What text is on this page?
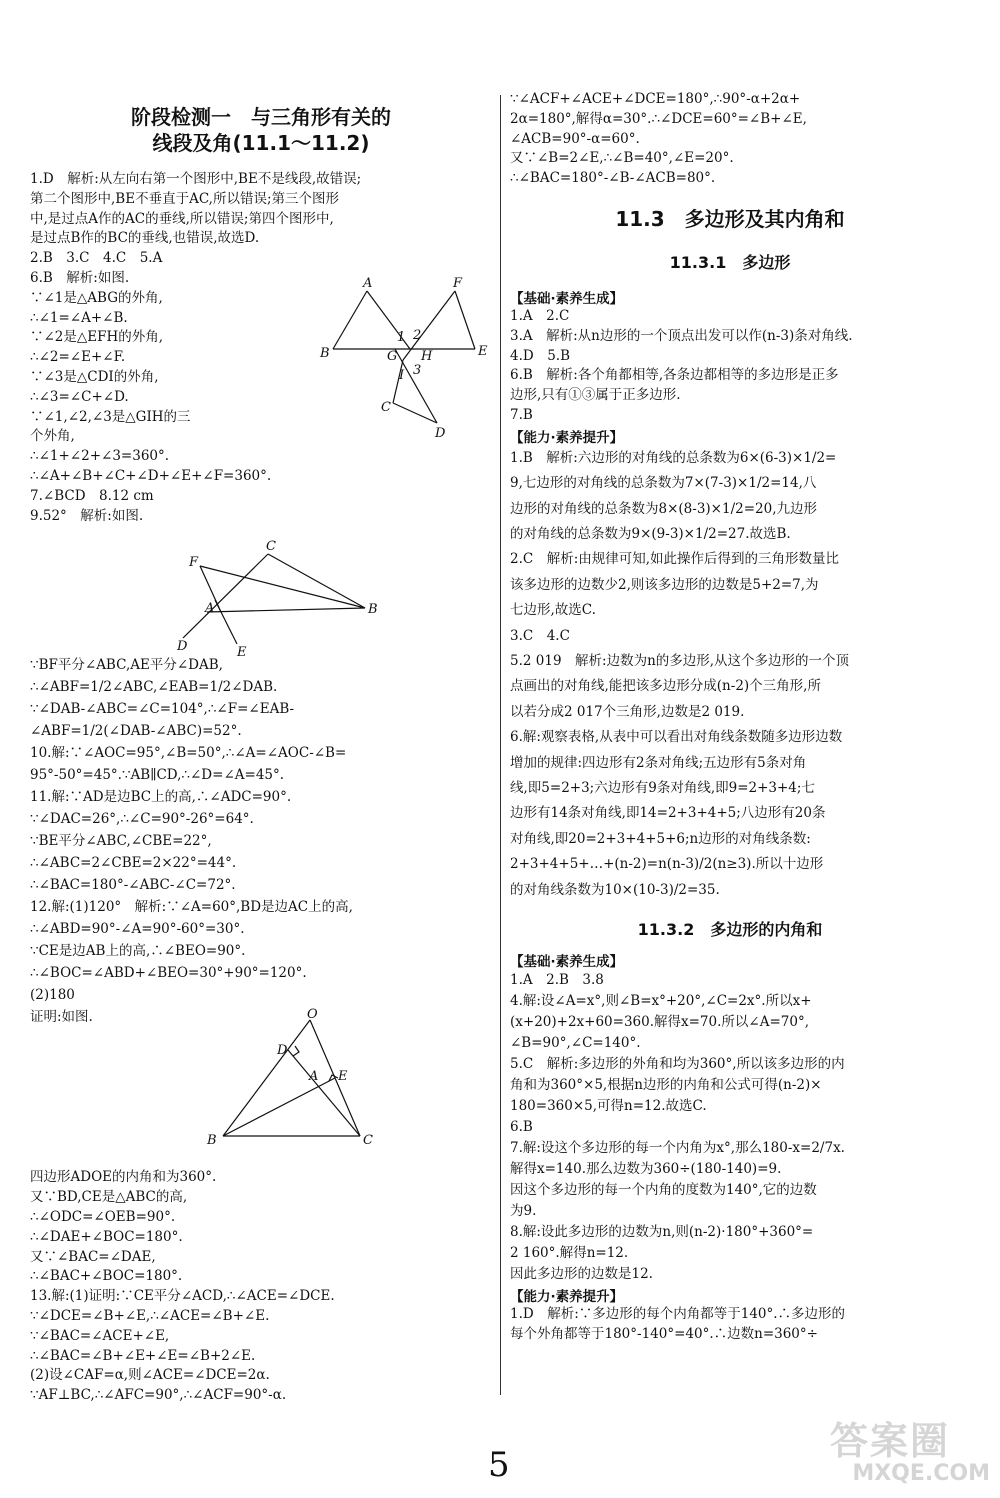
阶段检测一　与三角形有关的
线段及角(11.1～11.2)
1.D　解析:从左向右第一个图形中,BE不是线段,故错误;
第二个图形中,BE不垂直于AC,所以错误;第三个图形
中,是过点A作的AC的垂线,所以错误;第四个图形中,
是过点B作的BC的垂线,也错误,故选D.
2.B　3.C　4.C　5.A
6.B　解析:如图.
∵∠1是△ABG的外角,
∴∠1=∠A+∠B.
∵∠2是△EFH的外角,
∴∠2=∠E+∠F.
∵∠3是△CDI的外角,
∴∠3=∠C+∠D.
∵∠1,∠2,∠3是△GIH的三
个外角,
∴∠1+∠2+∠3=360°.
∴∠A+∠B+∠C+∠D+∠E+∠F=360°.
7.∠BCD　8.12 cm
9.52°　解析:如图.
∵BF平分∠ABC,AE平分∠DAB,
∴∠ABF=1/2∠ABC,∠EAB=1/2∠DAB.
∵∠DAB-∠ABC=∠C=104°,∴∠F=∠EAB-
∠ABF=1/2(∠DAB-∠ABC)=52°.
10.解:∵∠AOC=95°,∠B=50°,∴∠A=∠AOC-∠B=
95°-50°=45°.∵AB∥CD,∴∠D=∠A=45°.
11.解:∵AD是边BC上的高,∴∠ADC=90°.
∵∠DAC=26°,∴∠C=90°-26°=64°.
∵BE平分∠ABC,∠CBE=22°,
∴∠ABC=2∠CBE=2×22°=44°.
∴∠BAC=180°-∠ABC-∠C=72°.
12.解:(1)120°　解析:∵∠A=60°,BD是边AC上的高,
∴∠ABD=90°-∠A=90°-60°=30°.
∵CE是边AB上的高,∴∠BEO=90°.
∴∠BOC=∠ABD+∠BEO=30°+90°=120°.
(2)180
证明:如图.
四边形ADOE的内角和为360°.
又∵BD,CE是△ABC的高,
∴∠ODC=∠OEB=90°.
∴∠DAE+∠BOC=180°.
又∵∠BAC=∠DAE,
∴∠BAC+∠BOC=180°.
13.解:(1)证明:∵CE平分∠ACD,∴∠ACE=∠DCE.
∵∠DCE=∠B+∠E,∴∠ACE=∠B+∠E.
∵∠BAC=∠ACE+∠E,
∴∠BAC=∠B+∠E+∠E=∠B+2∠E.
(2)设∠CAF=α,则∠ACE=∠DCE=2α.
∵AF⊥BC,∴∠AFC=90°,∴∠ACF=90°-α.
A	F
B	G H	E
I
C
D
1 2
3
C
F
A	B
D	E
O
D
A E
B	C
∵∠ACF+∠ACE+∠DCE=180°,∴90°-α+2α+
2α=180°,解得α=30°.∴∠DCE=60°=∠B+∠E,
∠ACB=90°-α=60°.
又∵∠B=2∠E,∴∠B=40°,∠E=20°.
∴∠BAC=180°-∠B-∠ACB=80°.
11.3　多边形及其内角和
11.3.1　多边形
【基础·素养生成】
1.A　2.C
3.A　解析:从n边形的一个顶点出发可以作(n-3)条对角线.
4.D　5.B
6.B　解析:各个角都相等,各条边都相等的多边形是正多
边形,只有①③属于正多边形.
7.B
【能力·素养提升】
1.B　解析:六边形的对角线的总条数为6×(6-3)×1/2=
9,七边形的对角线的总条数为7×(7-3)×1/2=14,八
边形的对角线的总条数为8×(8-3)×1/2=20,九边形
的对角线的总条数为9×(9-3)×1/2=27.故选B.
2.C　解析:由规律可知,如此操作后得到的三角形数量比
该多边形的边数少2,则该多边形的边数是5+2=7,为
七边形,故选C.
3.C　4.C
5.2 019　解析:边数为n的多边形,从这个多边形的一个顶
点画出的对角线,能把该多边形分成(n-2)个三角形,所
以若分成2 017个三角形,边数是2 019.
6.解:观察表格,从表中可以看出对角线条数随多边形边数
增加的规律:四边形有2条对角线;五边形有5条对角
线,即5=2+3;六边形有9条对角线,即9=2+3+4;七
边形有14条对角线,即14=2+3+4+5;八边形有20条
对角线,即20=2+3+4+5+6;n边形的对角线条数:
2+3+4+5+…+(n-2)=n(n-3)/2(n≥3).所以十边形
的对角线条数为10×(10-3)/2=35.
11.3.2　多边形的内角和
【基础·素养生成】
1.A　2.B　3.8
4.解:设∠A=x°,则∠B=x°+20°,∠C=2x°.所以x+
(x+20)+2x+60=360.解得x=70.所以∠A=70°,
∠B=90°,∠C=140°.
5.C　解析:多边形的外角和均为360°,所以该多边形的内
角和为360°×5,根据n边形的内角和公式可得(n-2)×
180=360×5,可得n=12.故选C.
6.B
7.解:设这个多边形的每一个内角为x°,那么180-x=2/7x.
解得x=140.那么边数为360÷(180-140)=9.
因这个多边形的每一个内角的度数为140°,它的边数
为9.
8.解:设此多边形的边数为n,则(n-2)·180°+360°=
2 160°.解得n=12.
因此多边形的边数是12.
【能力·素养提升】
1.D　解析:∵多边形的每个内角都等于140°.∴多边形的
每个外角都等于180°-140°=40°.∴边数n=360°÷
5
答案圈
MXQE.COM
